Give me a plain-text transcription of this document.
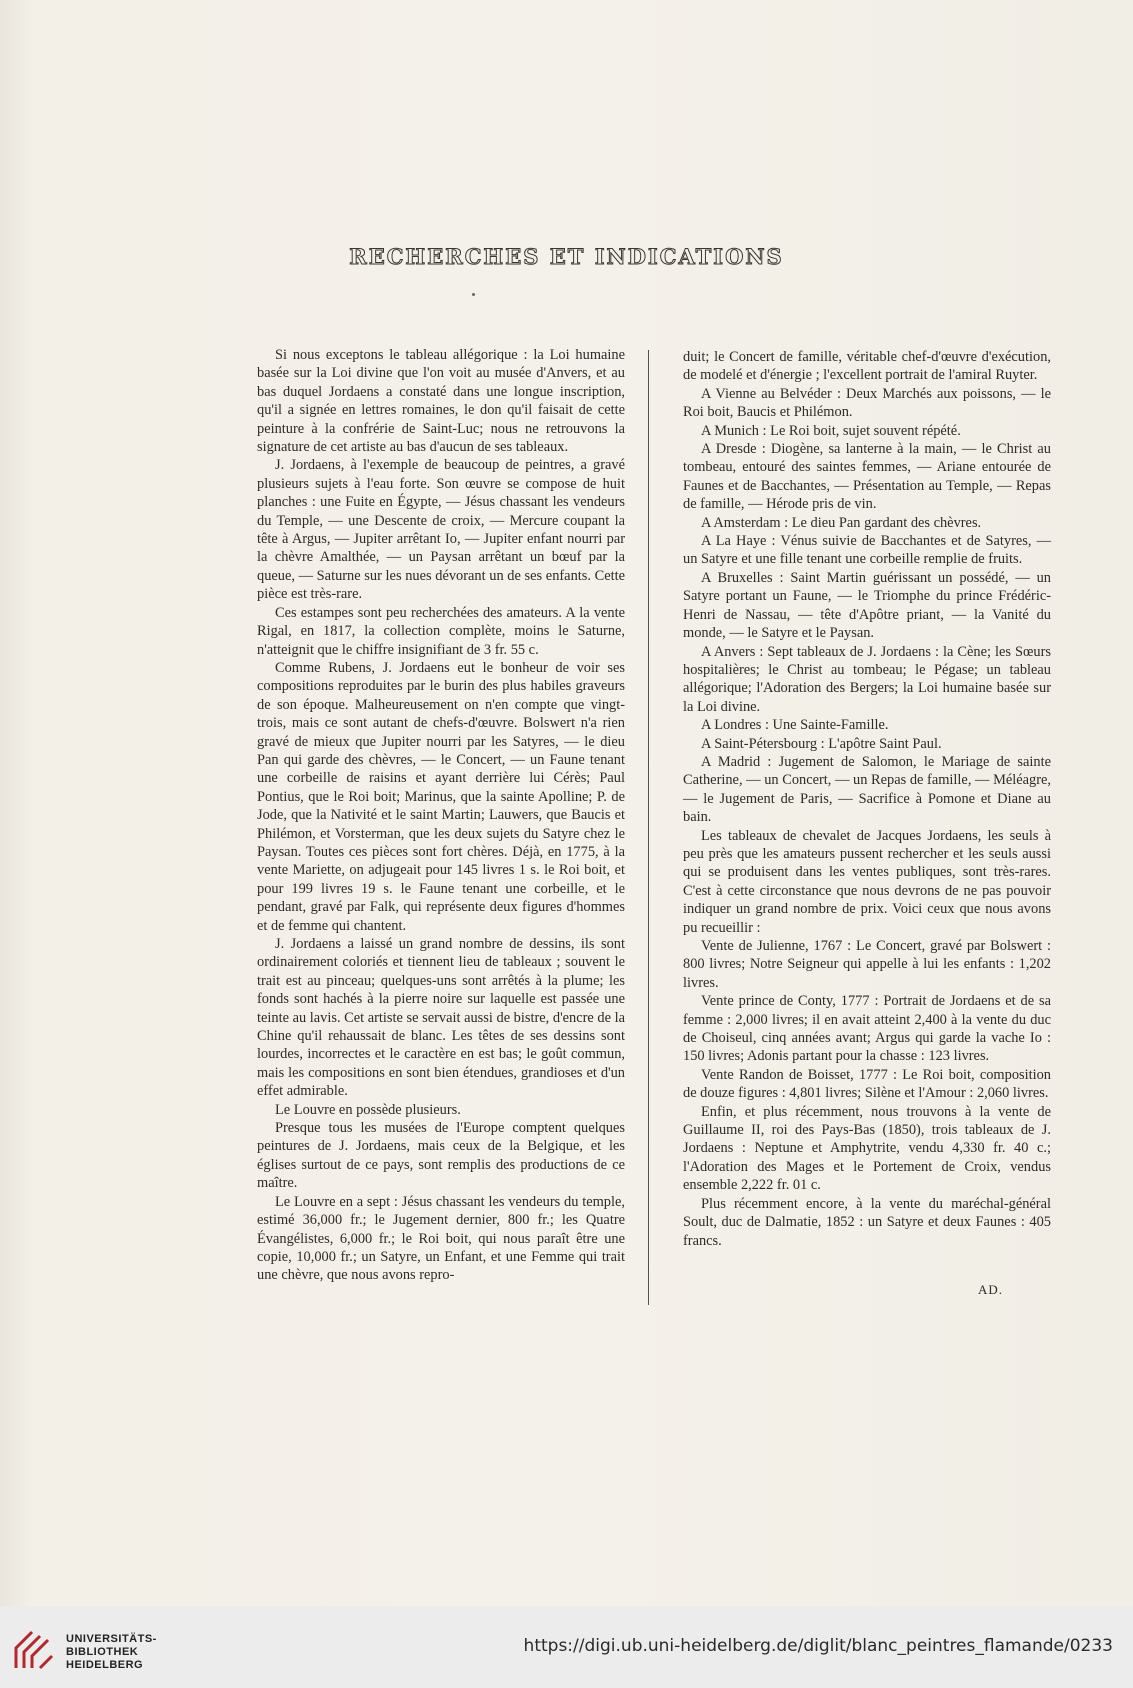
RECHERCHES ET INDICATIONS

Si nous exceptons le tableau allégorique : la Loi humaine basée sur la Loi divine que l'on voit au musée d'Anvers, et au bas duquel Jordaens a constaté dans une longue inscription, qu'il a signée en lettres romaines, le don qu'il faisait de cette peinture à la confrérie de Saint-Luc; nous ne retrouvons la signature de cet artiste au bas d'aucun de ses tableaux.

J. Jordaens, à l'exemple de beaucoup de peintres, a gravé plusieurs sujets à l'eau forte. Son œuvre se compose de huit planches : une Fuite en Égypte, — Jésus chassant les vendeurs du Temple, — une Descente de croix, — Mercure coupant la tête à Argus, — Jupiter arrêtant Io, — Jupiter enfant nourri par la chèvre Amalthée, — un Paysan arrêtant un bœuf par la queue, — Saturne sur les nues dévorant un de ses enfants. Cette pièce est très-rare.

Ces estampes sont peu recherchées des amateurs. A la vente Rigal, en 1817, la collection complète, moins le Saturne, n'atteignit que le chiffre insignifiant de 3 fr. 55 c.

Comme Rubens, J. Jordaens eut le bonheur de voir ses compositions reproduites par le burin des plus habiles graveurs de son époque. Malheureusement on n'en compte que vingt-trois, mais ce sont autant de chefs-d'œuvre. Bolswert n'a rien gravé de mieux que Jupiter nourri par les Satyres, — le dieu Pan qui garde des chèvres, — le Concert, — un Faune tenant une corbeille de raisins et ayant derrière lui Cérès; Paul Pontius, que le Roi boit; Marinus, que la sainte Apolline; P. de Jode, que la Nativité et le saint Martin; Lauwers, que Baucis et Philémon, et Vorsterman, que les deux sujets du Satyre chez le Paysan. Toutes ces pièces sont fort chères. Déjà, en 1775, à la vente Mariette, on adjugeait pour 145 livres 1 s. le Roi boit, et pour 199 livres 19 s. le Faune tenant une corbeille, et le pendant, gravé par Falk, qui représente deux figures d'hommes et de femme qui chantent.

J. Jordaens a laissé un grand nombre de dessins, ils sont ordinairement coloriés et tiennent lieu de tableaux ; souvent le trait est au pinceau; quelques-uns sont arrêtés à la plume; les fonds sont hachés à la pierre noire sur laquelle est passée une teinte au lavis. Cet artiste se servait aussi de bistre, d'encre de la Chine qu'il rehaussait de blanc. Les têtes de ses dessins sont lourdes, incorrectes et le caractère en est bas; le goût commun, mais les compositions en sont bien étendues, grandioses et d'un effet admirable.

Le Louvre en possède plusieurs.

Presque tous les musées de l'Europe comptent quelques peintures de J. Jordaens, mais ceux de la Belgique, et les églises surtout de ce pays, sont remplis des productions de ce maître.

Le Louvre en a sept : Jésus chassant les vendeurs du temple, estimé 36,000 fr.; le Jugement dernier, 800 fr.; les Quatre Évangélistes, 6,000 fr.; le Roi boit, qui nous paraît être une copie, 10,000 fr.; un Satyre, un Enfant, et une Femme qui trait une chèvre, que nous avons repro-

duit; le Concert de famille, véritable chef-d'œuvre d'exécution, de modelé et d'énergie ; l'excellent portrait de l'amiral Ruyter.

A Vienne au Belvéder : Deux Marchés aux poissons, — le Roi boit, Baucis et Philémon.

A Munich : Le Roi boit, sujet souvent répété.

A Dresde : Diogène, sa lanterne à la main, — le Christ au tombeau, entouré des saintes femmes, — Ariane entourée de Faunes et de Bacchantes, — Présentation au Temple, — Repas de famille, — Hérode pris de vin.

A Amsterdam : Le dieu Pan gardant des chèvres.

A La Haye : Vénus suivie de Bacchantes et de Satyres, — un Satyre et une fille tenant une corbeille remplie de fruits.

A Bruxelles : Saint Martin guérissant un possédé, — un Satyre portant un Faune, — le Triomphe du prince Frédéric-Henri de Nassau, — tête d'Apôtre priant, — la Vanité du monde, — le Satyre et le Paysan.

A Anvers : Sept tableaux de J. Jordaens : la Cène; les Sœurs hospitalières; le Christ au tombeau; le Pégase; un tableau allégorique; l'Adoration des Bergers; la Loi humaine basée sur la Loi divine.

A Londres : Une Sainte-Famille.

A Saint-Pétersbourg : L'apôtre Saint Paul.

A Madrid : Jugement de Salomon, le Mariage de sainte Catherine, — un Concert, — un Repas de famille, — Méléagre, — le Jugement de Paris, — Sacrifice à Pomone et Diane au bain.

Les tableaux de chevalet de Jacques Jordaens, les seuls à peu près que les amateurs pussent rechercher et les seuls aussi qui se produisent dans les ventes publiques, sont très-rares. C'est à cette circonstance que nous devrons de ne pas pouvoir indiquer un grand nombre de prix. Voici ceux que nous avons pu recueillir :

Vente de Julienne, 1767 : Le Concert, gravé par Bolswert : 800 livres; Notre Seigneur qui appelle à lui les enfants : 1,202 livres.

Vente prince de Conty, 1777 : Portrait de Jordaens et de sa femme : 2,000 livres; il en avait atteint 2,400 à la vente du duc de Choiseul, cinq années avant; Argus qui garde la vache Io : 150 livres; Adonis partant pour la chasse : 123 livres.

Vente Randon de Boisset, 1777 : Le Roi boit, composition de douze figures : 4,801 livres; Silène et l'Amour : 2,060 livres.

Enfin, et plus récemment, nous trouvons à la vente de Guillaume II, roi des Pays-Bas (1850), trois tableaux de J. Jordaens : Neptune et Amphytrite, vendu 4,330 fr. 40 c.; l'Adoration des Mages et le Portement de Croix, vendus ensemble 2,222 fr. 01 c.

Plus récemment encore, à la vente du maréchal-général Soult, duc de Dalmatie, 1852 : un Satyre et deux Faunes : 405 francs.

AD.
UNIVERSITÄTS-
BIBLIOTHEK
HEIDELBERG
https://digi.ub.uni-heidelberg.de/diglit/blanc_peintres_flamande/0233
